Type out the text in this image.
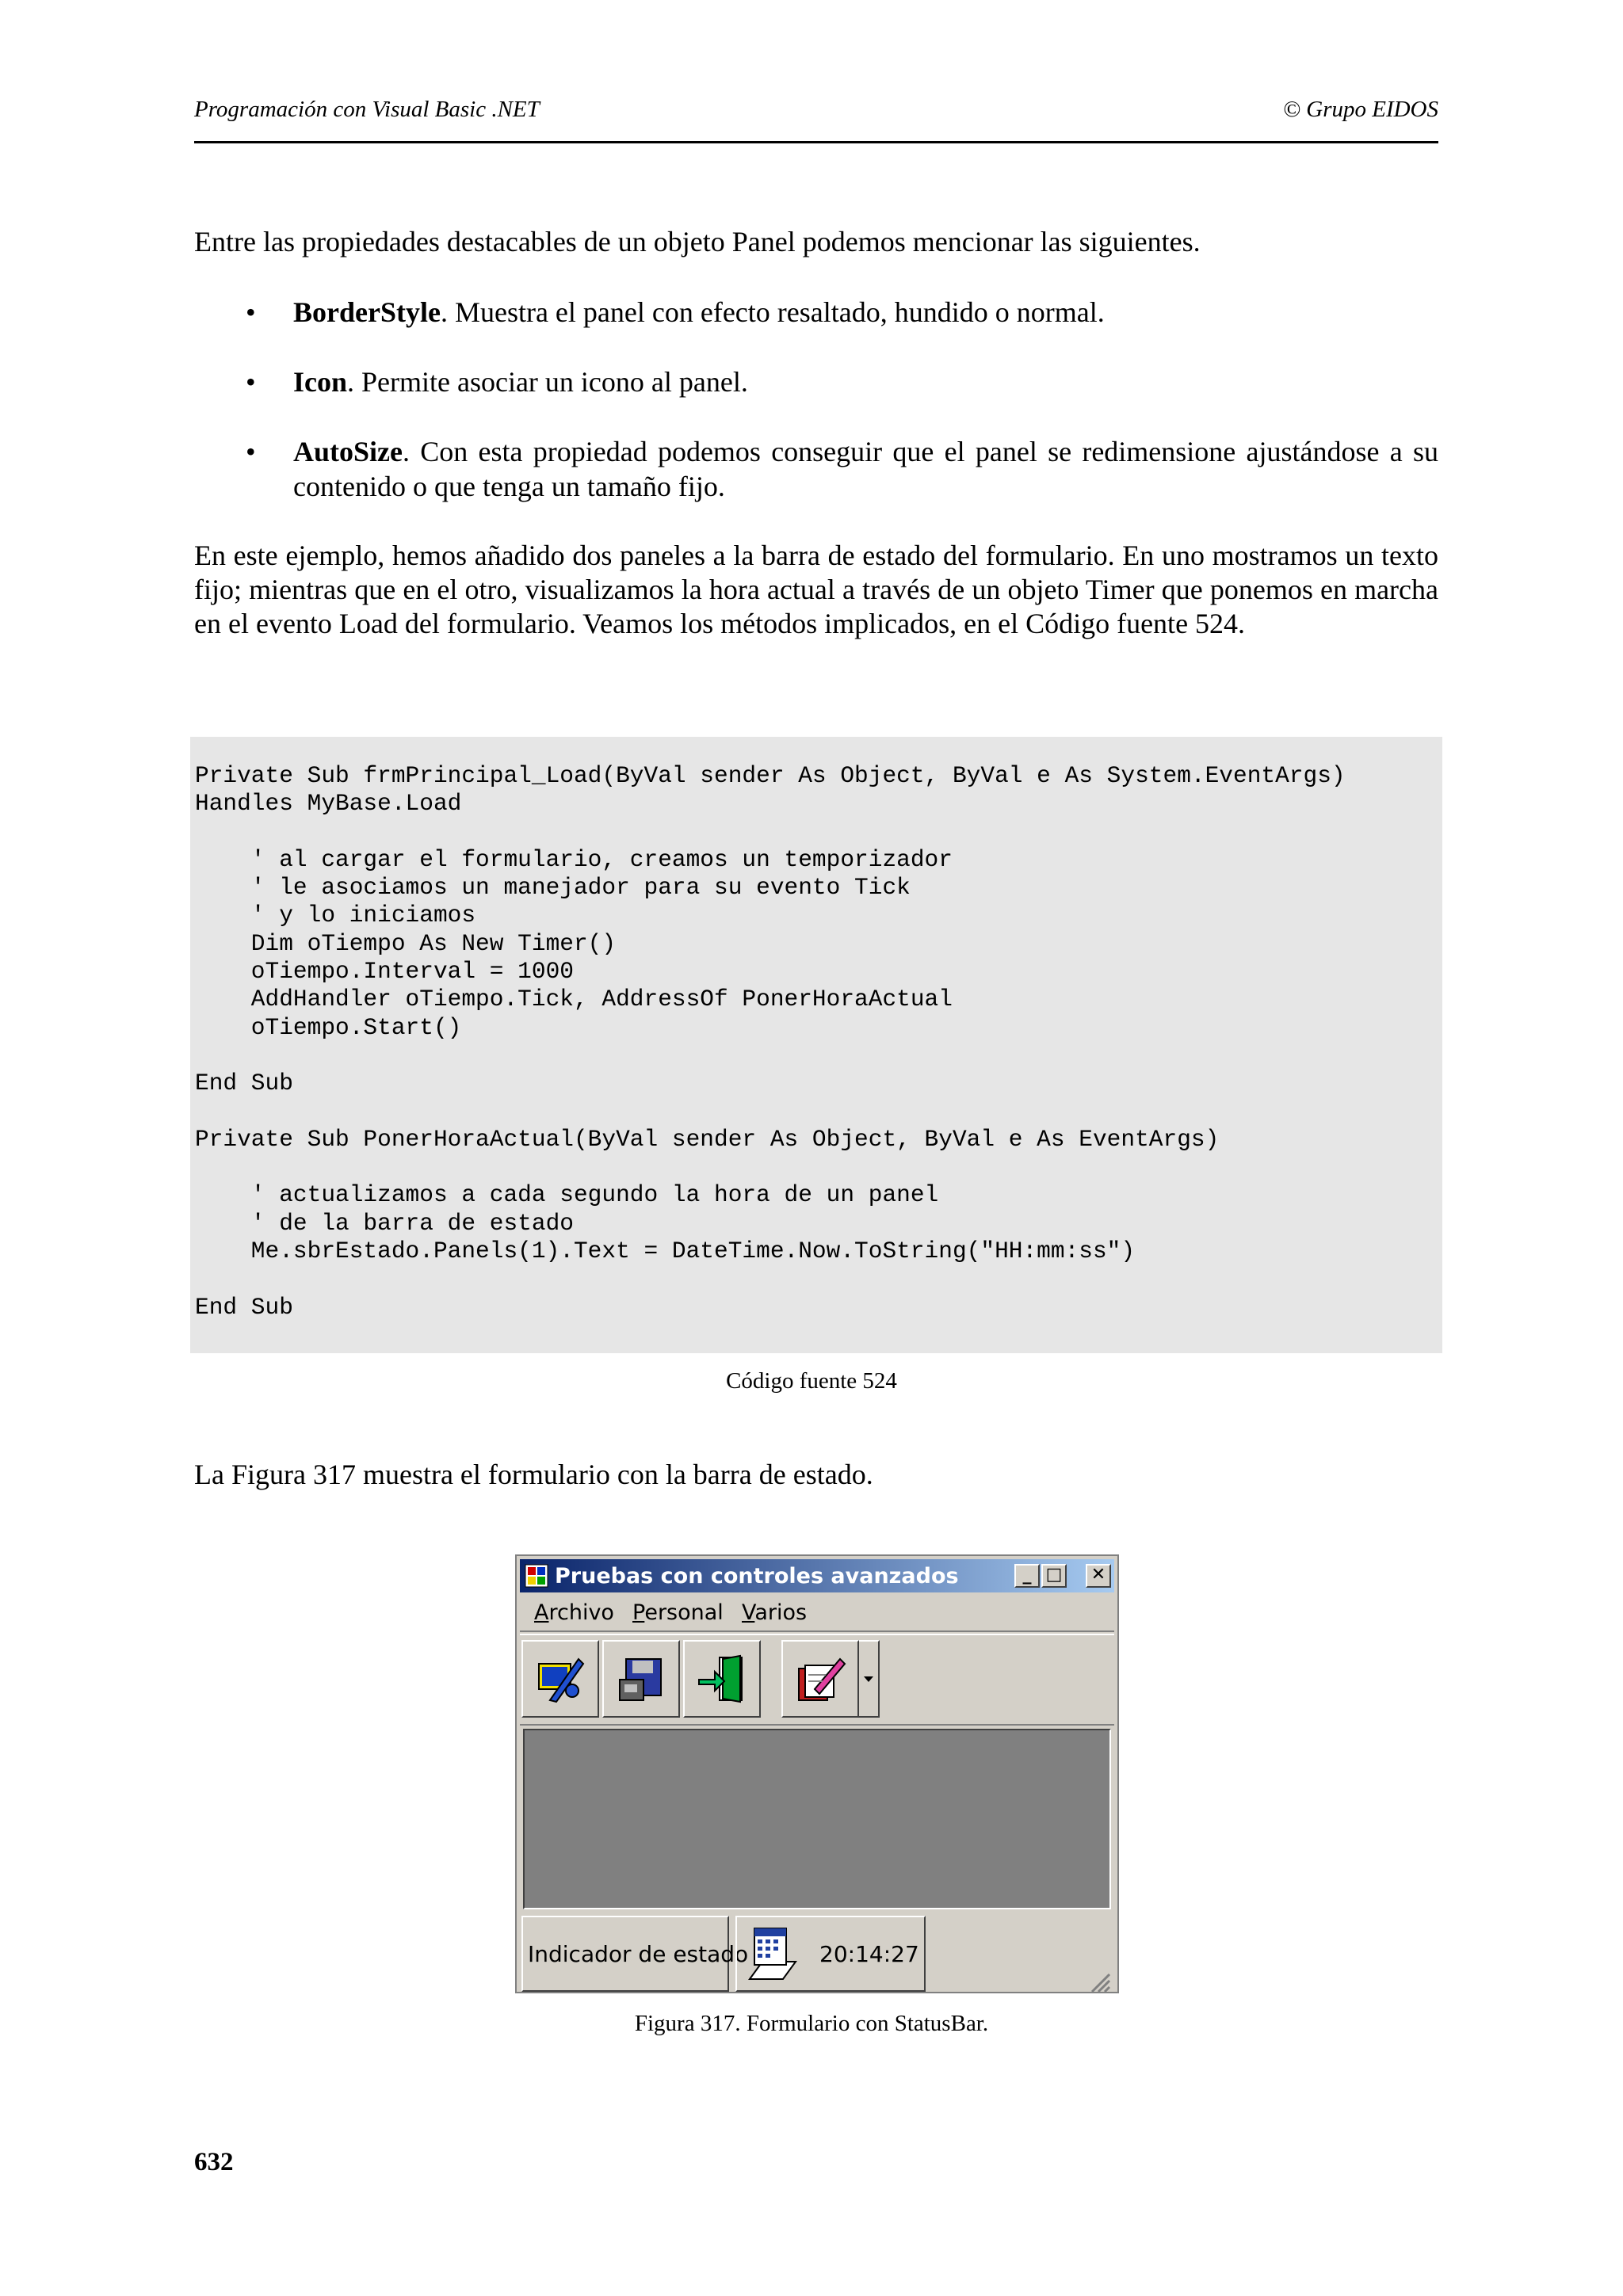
Programación con Visual Basic .NET	© Grupo EIDOS

Entre las propiedades destacables de un objeto Panel podemos mencionar las siguientes.

• BorderStyle. Muestra el panel con efecto resaltado, hundido o normal.
• Icon. Permite asociar un icono al panel.
• AutoSize. Con esta propiedad podemos conseguir que el panel se redimensione ajustándose a su contenido o que tenga un tamaño fijo.

En este ejemplo, hemos añadido dos paneles a la barra de estado del formulario. En uno mostramos un texto fijo; mientras que en el otro, visualizamos la hora actual a través de un objeto Timer que ponemos en marcha en el evento Load del formulario. Veamos los métodos implicados, en el Código fuente 524.

Private Sub frmPrincipal_Load(ByVal sender As Object, ByVal e As System.EventArgs)
Handles MyBase.Load

' al cargar el formulario, creamos un temporizador
' le asociamos un manejador para su evento Tick
' y lo iniciamos
Dim oTiempo As New Timer()
oTiempo.Interval = 1000
AddHandler oTiempo.Tick, AddressOf PonerHoraActual
oTiempo.Start()

End Sub

Private Sub PonerHoraActual(ByVal sender As Object, ByVal e As EventArgs)

' actualizamos a cada segundo la hora de un panel
' de la barra de estado
Me.sbrEstado.Panels(1).Text = DateTime.Now.ToString("HH:mm:ss")

End Sub
Código fuente 524

La Figura 317 muestra el formulario con la barra de estado.

Pruebas con controles avanzados	_ □	✕
Archivo Personal Varios
Indicador de estado	20:14:27
Figura 317. Formulario con StatusBar.
632
